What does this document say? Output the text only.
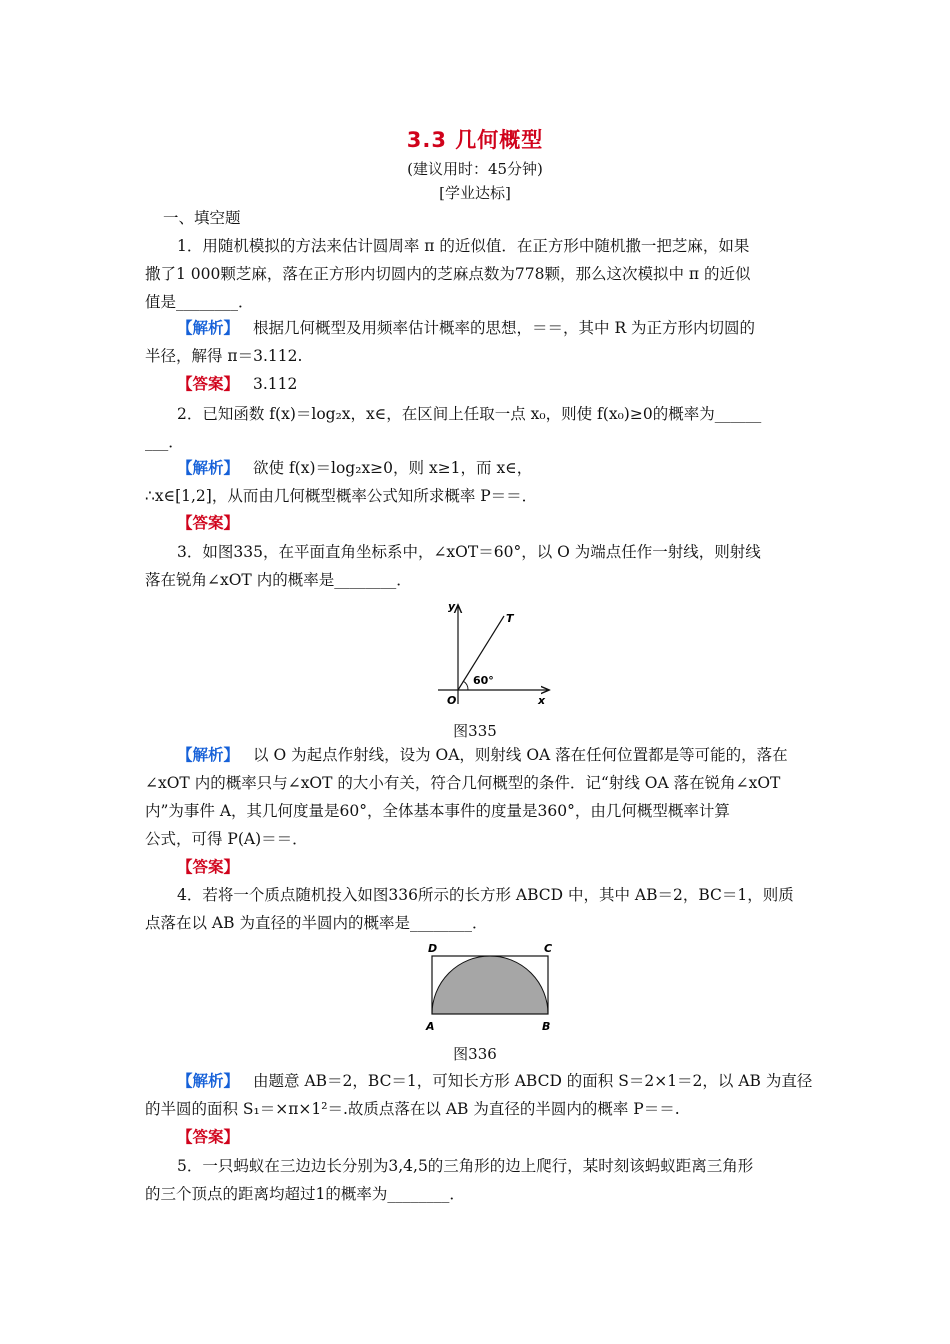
3.3 几何概型
(建议用时：45分钟)
[学业达标]
一、填空题
1．用随机模拟的方法来估计圆周率 π 的近似值．在正方形中随机撒一把芝麻，如果
撒了1 000颗芝麻，落在正方形内切圆内的芝麻点数为778颗，那么这次模拟中 π 的近似
值是________．
【解析】 根据几何概型及用频率估计概率的思想，＝＝，其中 R 为正方形内切圆的
半径，解得 π＝3.112.
【答案】 3.112
2．已知函数 f(x)＝log₂x，x∈，在区间上任取一点 x₀，则使 f(x₀)≥0的概率为______
___．
【解析】 欲使 f(x)＝log₂x≥0，则 x≥1，而 x∈，
∴x∈[1,2]，从而由几何概型概率公式知所求概率 P＝＝．
【答案】
3．如图335，在平面直角坐标系中，∠xOT＝60°，以 O 为端点任作一射线，则射线
落在锐角∠xOT 内的概率是________．
y
x
O
T
60°
图335
【解析】 以 O 为起点作射线，设为 OA，则射线 OA 落在任何位置都是等可能的，落在
∠xOT 内的概率只与∠xOT 的大小有关，符合几何概型的条件．记“射线 OA 落在锐角∠xOT
内”为事件 A，其几何度量是60°，全体基本事件的度量是360°，由几何概型概率计算
公式，可得 P(A)＝＝．
【答案】
4．若将一个质点随机投入如图336所示的长方形 ABCD 中，其中 AB＝2，BC＝1，则质
点落在以 AB 为直径的半圆内的概率是________．
A	B
C
D
图336
【解析】 由题意 AB＝2，BC＝1，可知长方形 ABCD 的面积 S＝2×1＝2，以 AB 为直径
的半圆的面积 S₁＝×π×1²＝.故质点落在以 AB 为直径的半圆内的概率 P＝＝.
【答案】
5．一只蚂蚁在三边边长分别为3,4,5的三角形的边上爬行，某时刻该蚂蚁距离三角形
的三个顶点的距离均超过1的概率为________．
